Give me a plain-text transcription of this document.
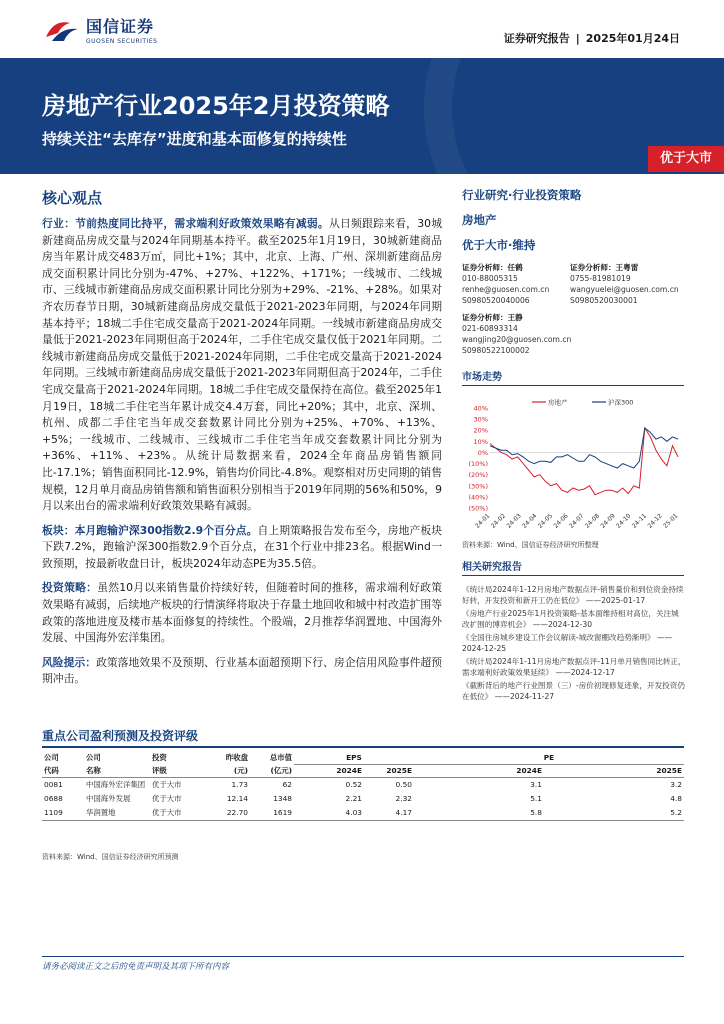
国信证券
GUOSEN SECURITIES	证券研究报告 | 2025年01月24日
房地产行业2025年2月投资策略
持续关注“去库存”进度和基本面修复的持续性
优于大市
核心观点

行业：节前热度同比持平，需求端利好政策效果略有减弱。从日频跟踪来看，30城新建商品房成交量与2024年同期基本持平。截至2025年1月19日，30城新建商品房当年累计成交483万㎡，同比+1%；其中，北京、上海、广州、深圳新建商品房成交面积累计同比分别为-47%、+27%、+122%、+171%；一线城市、二线城市、三线城市新建商品房成交面积累计同比分别为+29%、-21%、+28%。如果对齐农历春节日期，30城新建商品房成交量低于2021-2023年同期，与2024年同期基本持平；18城二手住宅成交量高于2021-2024年同期。一线城市新建商品房成交量低于2021-2023年同期但高于2024年，二手住宅成交量仅低于2021年同期。二线城市新建商品房成交量低于2021-2024年同期，二手住宅成交量高于2021-2024年同期。三线城市新建商品房成交量低于2021-2023年同期但高于2024年，二手住宅成交量高于2021-2024年同期。18城二手住宅成交量保持在高位。截至2025年1月19日，18城二手住宅当年累计成交4.4万套，同比+20%；其中，北京、深圳、杭州、成都二手住宅当年成交套数累计同比分别为+25%、+70%、+13%、+5%；一线城市、二线城市、三线城市二手住宅当年成交套数累计同比分别为+36%、+11%、+23%。从统计局数据来看，2024全年商品房销售额同比-17.1%；销售面积同比-12.9%，销售均价同比-4.8%。观察相对历史同期的销售规模，12月单月商品房销售额和销售面积分别相当于2019年同期的56%和50%，9月以来出台的需求端利好政策效果略有减弱。

板块：本月跑输沪深300指数2.9个百分点。自上期策略报告发布至今，房地产板块下跌7.2%，跑输沪深300指数2.9个百分点，在31个行业中排23名。根据Wind一致预期，按最新收盘日计，板块2024年动态PE为35.5倍。

投资策略：虽然10月以来销售量价持续好转，但随着时间的推移，需求端利好政策效果略有减弱，后续地产板块的行情演绎将取决于存量土地回收和城中村改造扩围等政策的落地进度及楼市基本面修复的持续性。个股端，2月推荐华润置地、中国海外发展、中国海外宏洋集团。

风险提示：政策落地效果不及预期、行业基本面超预期下行、房企信用风险事件超预期冲击。

行业研究·行业投资策略
房地产
优于大市·维持
证券分析师：任鹤
010-88005315
renhe@guosen.com.cn
S0980520040006
证券分析师：王粤雷
0755-81981019
wangyuelei@guosen.com.cn
S0980520030001
证券分析师：王静
021-60893314
wangjing20@guosen.com.cn
S0980522100002
市场走势
40%
30%
20%
10%
0%
(10%)
(20%)
(30%)
(40%)
(50%)
房地产	沪深300
24-01
24-02
24-03
24-04
24-05
24-06
24-07
24-08
24-09
24-10
24-11
24-12
25-01
资料来源：Wind、国信证券经济研究所整理
相关研究报告
《统计局2024年1-12月房地产数据点评-销售量价和到位资金持续好转，开发投资和新开工仍在低位》 ——2025-01-17
《房地产行业2025年1月投资策略-基本面维持相对高位，关注城改扩围的博弈机会》 ——2024-12-30
《全国住房城乡建设工作会议解读-城改窗棚改趋势渐明》 ——2024-12-25
《统计局2024年1-11月房地产数据点评-11月单月销售同比转正，需求端利好政策效果延续》 ——2024-12-17
《截断背后的地产行业图景（三）-房价初现修复迹象，开发投资仍在低位》 ——2024-11-27
重点公司盈利预测及投资评级
公司	公司	投资	昨收盘	总市值	EPS		PE	
代码	名称	评级	(元)	(亿元)	2024E	2025E	2024E	2025E
0081	中国海外宏洋集团	优于大市	1.73	62	0.52	0.50	3.1	3.2
0688	中国海外发展	优于大市	12.14	1348	2.21	2.32	5.1	4.8
1109	华润置地	优于大市	22.70	1619	4.03	4.17	5.8	5.2
资料来源：Wind、国信证券经济研究所预测
请务必阅读正文之后的免责声明及其项下所有内容
